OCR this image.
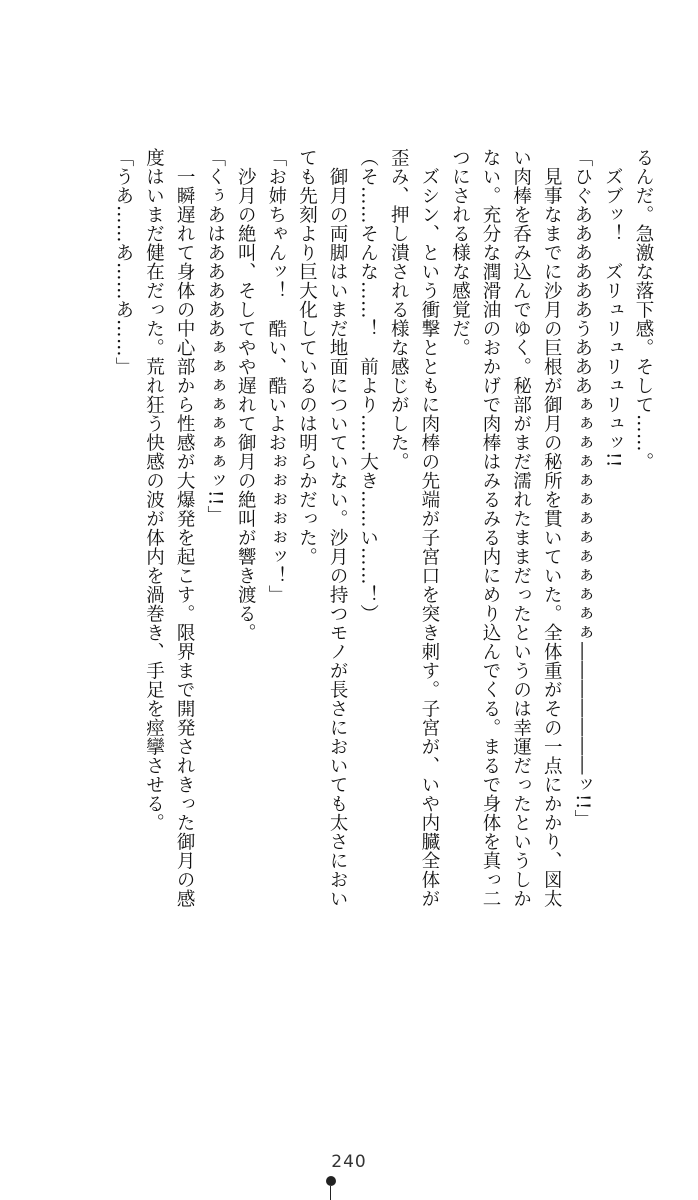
るんだ。急激な落下感。そして……。

　ズブッ！　ズリュリュリュリュッ!!

「ひぐああああああうあああぁぁぁぁぁぁぁぁぁぁぁぁぁ―――――――ッ!!」

　見事なまでに沙月の巨根が御月の秘所を貫いていた。全体重がその一点にかかり、図太

い肉棒を呑み込んでゆく。秘部がまだ濡れたままだったというのは幸運だったというしか

ない。充分な潤滑油のおかげで肉棒はみるみる内にめり込んでくる。まるで身体を真っ二

つにされる様な感覚だ。

　ズシン、という衝撃とともに肉棒の先端が子宮口を突き刺す。子宮が、いや内臓全体が

歪み、押し潰される様な感じがした。

（そ……そんな……！　前より……大き……い……！）

　御月の両脚はいまだ地面についていない。沙月の持つモノが長さにおいても太さにおい

ても先刻より巨大化しているのは明らかだった。

「お姉ちゃんッ！　酷い、酷いよおぉぉぉぉぉッ！」

　沙月の絶叫、そしてやや遅れて御月の絶叫が響き渡る。

「くぅあはあああああぁぁぁぁぁぁぁッ!!」

　一瞬遅れて身体の中心部から性感が大爆発を起こす。限界まで開発されきった御月の感

度はいまだ健在だった。荒れ狂う快感の波が体内を渦巻き、手足を痙攣させる。

「うあ……あ……あ……」

240
